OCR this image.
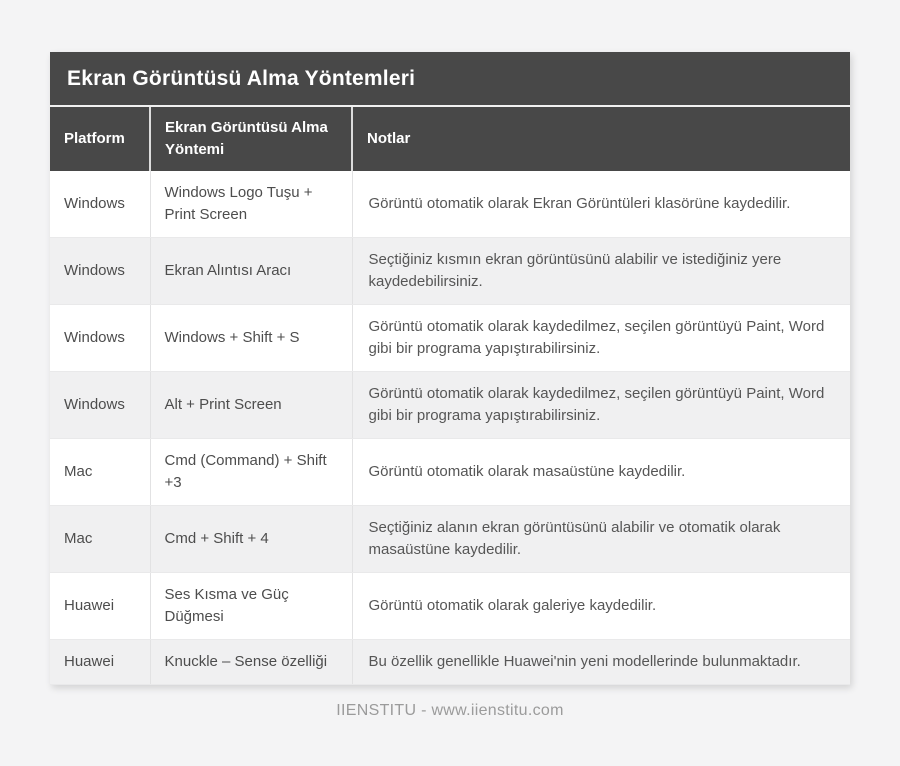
Ekran Görüntüsü Alma Yöntemleri
Platform	Ekran Görüntüsü Alma Yöntemi	Notlar
Windows	Windows Logo Tuşu + Print Screen	Görüntü otomatik olarak Ekran Görüntüleri klasörüne kaydedilir.
Windows	Ekran Alıntısı Aracı	Seçtiğiniz kısmın ekran görüntüsünü alabilir ve istediğiniz yere kaydedebilirsiniz.
Windows	Windows + Shift + S	Görüntü otomatik olarak kaydedilmez, seçilen görüntüyü Paint, Word gibi bir programa yapıştırabilirsiniz.
Windows	Alt + Print Screen	Görüntü otomatik olarak kaydedilmez, seçilen görüntüyü Paint, Word gibi bir programa yapıştırabilirsiniz.
Mac	Cmd (Command) + Shift +3	Görüntü otomatik olarak masaüstüne kaydedilir.
Mac	Cmd + Shift + 4	Seçtiğiniz alanın ekran görüntüsünü alabilir ve otomatik olarak masaüstüne kaydedilir.
Huawei	Ses Kısma ve Güç Düğmesi	Görüntü otomatik olarak galeriye kaydedilir.
Huawei	Knuckle – Sense özelliği	Bu özellik genellikle Huawei'nin yeni modellerinde bulunmaktadır.
IIENSTITU - www.iienstitu.com
